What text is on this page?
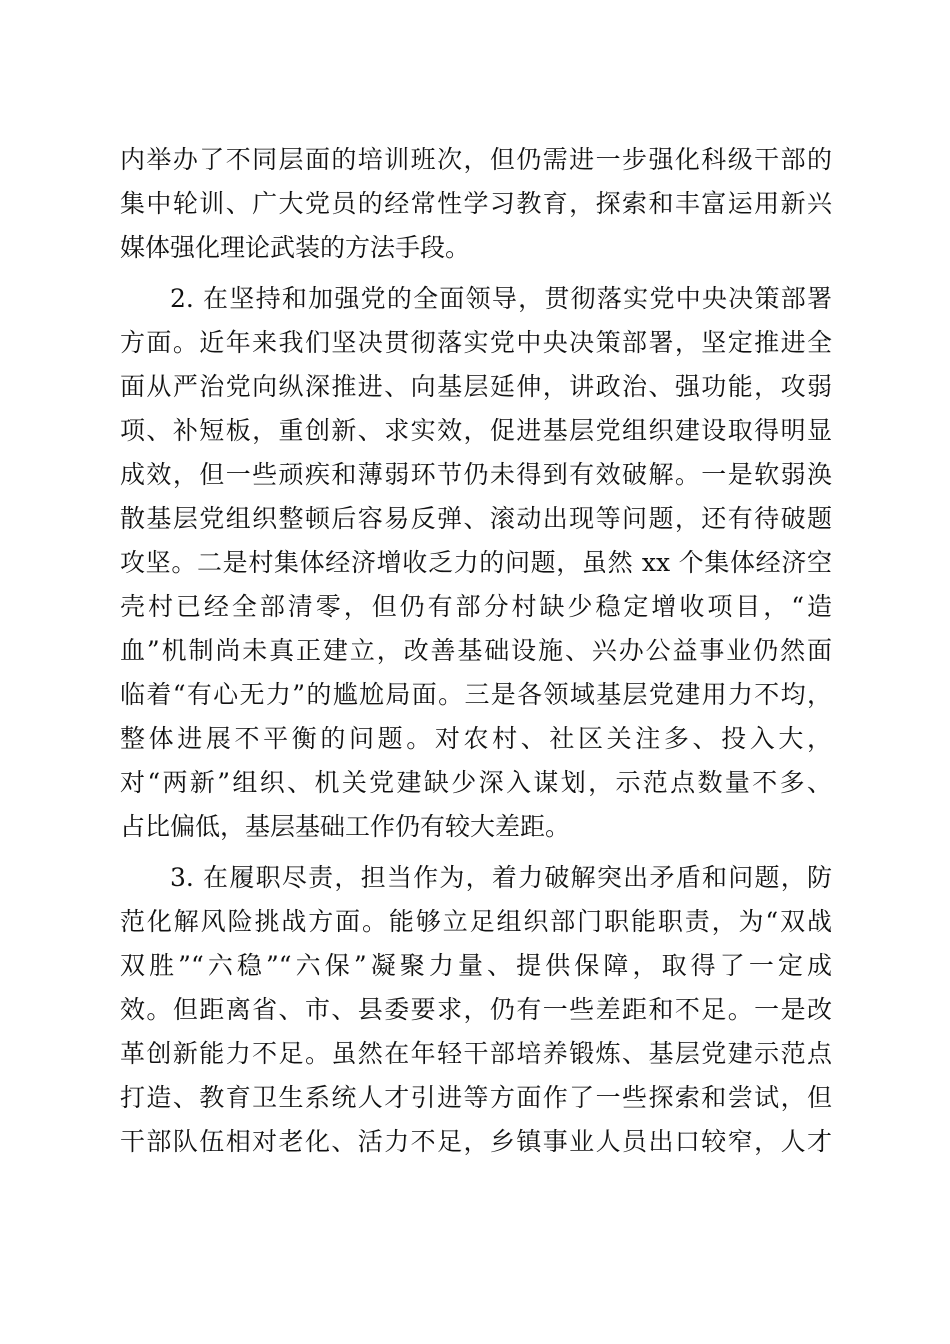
内举办了不同层面的培训班次，但仍需进一步强化科级干部的
集中轮训、广大党员的经常性学习教育，探索和丰富运用新兴
媒体强化理论武装的方法手段。
2. 在坚持和加强党的全面领导，贯彻落实党中央决策部署
方面。近年来我们坚决贯彻落实党中央决策部署，坚定推进全
面从严治党向纵深推进、向基层延伸，讲政治、强功能，攻弱
项、补短板，重创新、求实效，促进基层党组织建设取得明显
成效，但一些顽疾和薄弱环节仍未得到有效破解。一是软弱涣
散基层党组织整顿后容易反弹、滚动出现等问题，还有待破题
攻坚。二是村集体经济增收乏力的问题，虽然 xx 个集体经济空
壳村已经全部清零，但仍有部分村缺少稳定增收项目，“造
血”机制尚未真正建立，改善基础设施、兴办公益事业仍然面
临着“有心无力”的尴尬局面。三是各领域基层党建用力不均，
整体进展不平衡的问题。对农村、社区关注多、投入大，
对“两新”组织、机关党建缺少深入谋划，示范点数量不多、
占比偏低，基层基础工作仍有较大差距。
3. 在履职尽责，担当作为，着力破解突出矛盾和问题，防
范化解风险挑战方面。能够立足组织部门职能职责，为“双战
双胜”“六稳”“六保”凝聚力量、提供保障，取得了一定成
效。但距离省、市、县委要求，仍有一些差距和不足。一是改
革创新能力不足。虽然在年轻干部培养锻炼、基层党建示范点
打造、教育卫生系统人才引进等方面作了一些探索和尝试，但
干部队伍相对老化、活力不足，乡镇事业人员出口较窄，人才
